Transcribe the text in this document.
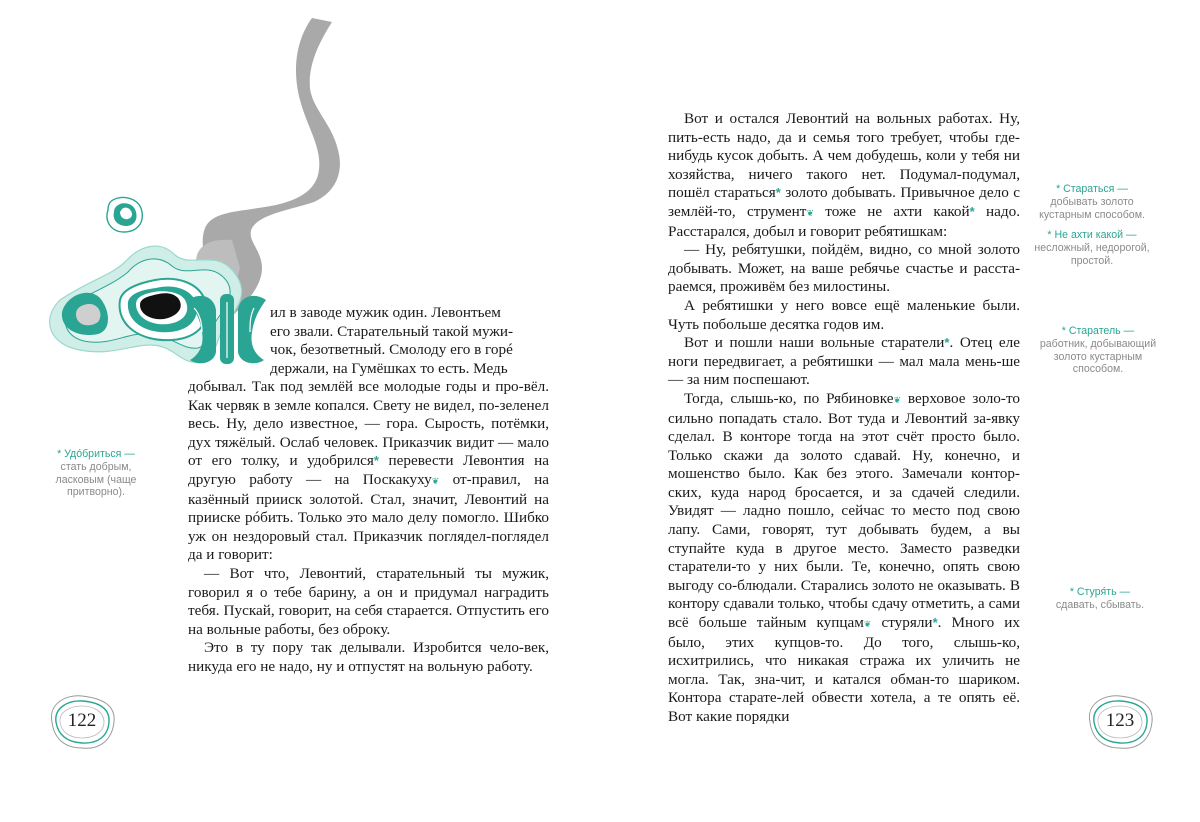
ил в заводе мужик один. Левонтьем

его звали. Старательный такой мужи-

чок, безответный. Смолоду его в горé

держали, на Гумёшках то есть. Медь

добывал. Так под землёй все молодые годы и про-вёл. Как червяк в земле копался. Свету не видел, по-зеленел весь. Ну, дело известное, — гора. Сырость, потёмки, дух тяжёлый. Ослаб человек. Приказчик видит — мало от его толку, и удобрился* перевести Левонтия на другую работу — на Поскакуху❦ от-правил, на казённый прииск золотой. Стал, значит, Левонтий на прииске рóбить. Только это мало делу помогло. Шибко уж он нездоровый стал. Приказчик поглядел-поглядел да и говорит:

— Вот что, Левонтий, старательный ты мужик, говорил я о тебе барину, а он и придумал наградить тебя. Пускай, говорит, на себя старается. Отпустить его на вольные работы, без оброку.

Это в ту пору так делывали. Изробится чело-век, никуда его не надо, ну и отпустят на вольную работу.

* Удóбриться —
стать добрым, ласковым (чаще притворно).
122

Вот и остался Левонтий на вольных работах. Ну, пить-есть надо, да и семья того требует, чтобы где-нибудь кусок добыть. А чем добудешь, коли у тебя ни хозяйства, ничего такого нет. Подумал-подумал, пошёл стараться* золото добывать. Привычное дело с землёй-то, струмент❦ тоже не ахти какой* надо. Расстарался, добыл и говорит ребятишкам:

— Ну, ребятушки, пойдём, видно, со мной золото добывать. Может, на ваше ребячье счастье и расста-раемся, проживём без милостины.

А ребятишки у него вовсе ещё маленькие были. Чуть побольше десятка годов им.

Вот и пошли наши вольные старатели*. Отец еле ноги передвигает, а ребятишки — мал мала мень-ше — за ним поспешают.

Тогда, слышь-ко, по Рябиновке❦ верховое золо-то сильно попадать стало. Вот туда и Левонтий за-явку сделал. В конторе тогда на этот счёт просто было. Только скажи да золото сдавай. Ну, конечно, и мошенство было. Как без этого. Замечали контор-ских, куда народ бросается, и за сдачей следили. Увидят — ладно пошло, сейчас то место под свою лапу. Сами, говорят, тут добывать будем, а вы ступайте куда в другое место. Заместо разведки старатели-то у них были. Те, конечно, опять свою выгоду со-блюдали. Старались золото не оказывать. В контору сдавали только, чтобы сдачу отметить, а сами всё больше тайным купцам❦ стуряли*. Много их было, этих купцов-то. До того, слышь-ко, исхитрились, что никакая стража их уличить не могла. Так, зна-чит, и катался обман-то шариком. Контора старате-лей обвести хотела, а те опять её. Вот какие порядки

* Стараться —
добывать золото кустарным способом.
* Не ахти какой —
несложный, недорогой, простой.
* Старатель —
работник, добывающий золото кустарным способом.
* Стуря́ть —
сдавать, сбывать.
123
